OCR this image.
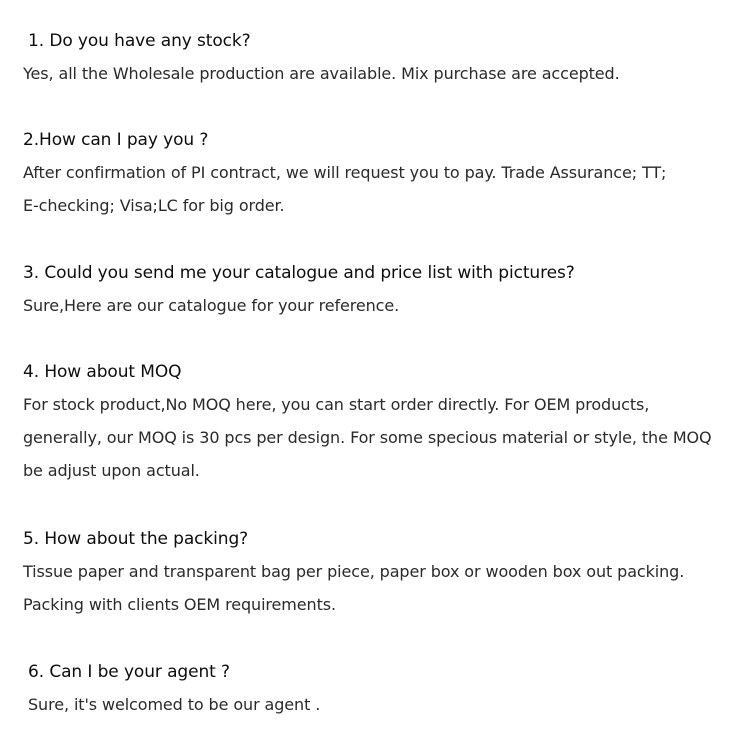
1. Do you have any stock?
Yes, all the Wholesale production are available. Mix purchase are accepted.
2.How can I pay you ?
After confirmation of PI contract, we will request you to pay. Trade Assurance; TT;
E-checking; Visa;LC for big order.
3. Could you send me your catalogue and price list with pictures?
Sure,Here are our catalogue for your reference.
4. How about MOQ
For stock product,No MOQ here, you can start order directly. For OEM products,
generally, our MOQ is 30 pcs per design. For some specious material or style, the MOQ
be adjust upon actual.
5. How about the packing?
Tissue paper and transparent bag per piece, paper box or wooden box out packing.
Packing with clients OEM requirements.
6. Can I be your agent ?
Sure, it's welcomed to be our agent .
